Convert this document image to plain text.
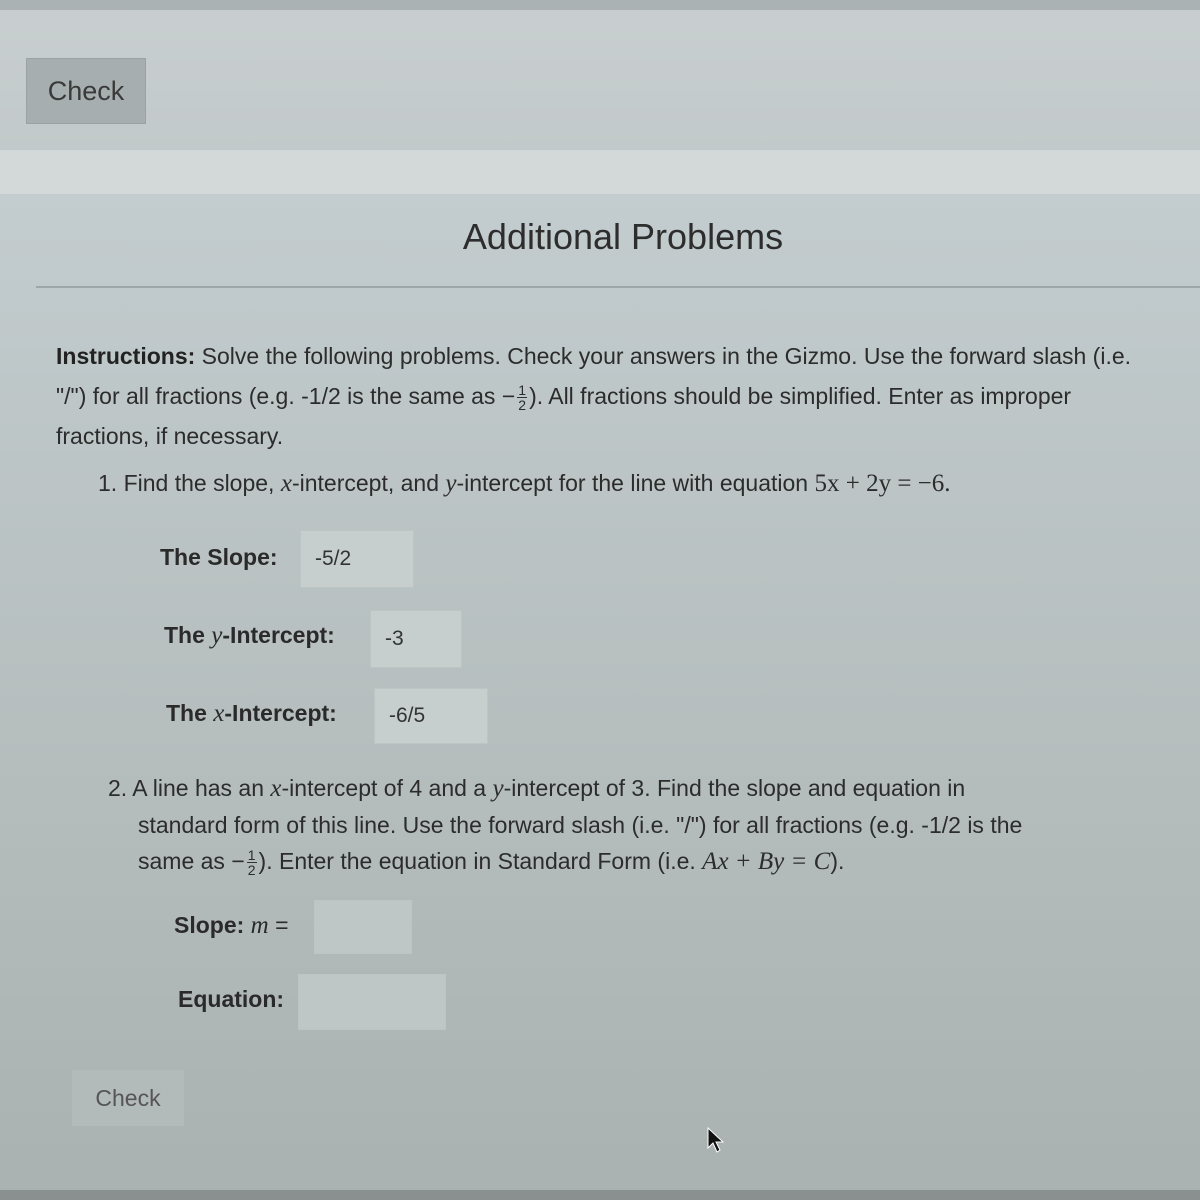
Check
Additional Problems
Instructions: Solve the following problems. Check your answers in the Gizmo. Use the forward slash (i.e. "/") for all fractions (e.g. -1/2 is the same as − $\frac{1}{2}$ ). All fractions should be simplified. Enter as improper fractions, if necessary.
1. Find the slope, x-intercept, and y-intercept for the line with equation 5x + 2y = −6.
The Slope:	-5/2
The y-Intercept:	-3
The x-Intercept:	-6/5
2. A line has an x-intercept of 4 and a y-intercept of 3. Find the slope and equation in
standard form of this line. Use the forward slash (i.e. "/") for all fractions (e.g. -1/2 is the
same as − $\frac{1}{2}$ ). Enter the equation in Standard Form (i.e. Ax + By = C).
Slope: m =
Equation:
Check
